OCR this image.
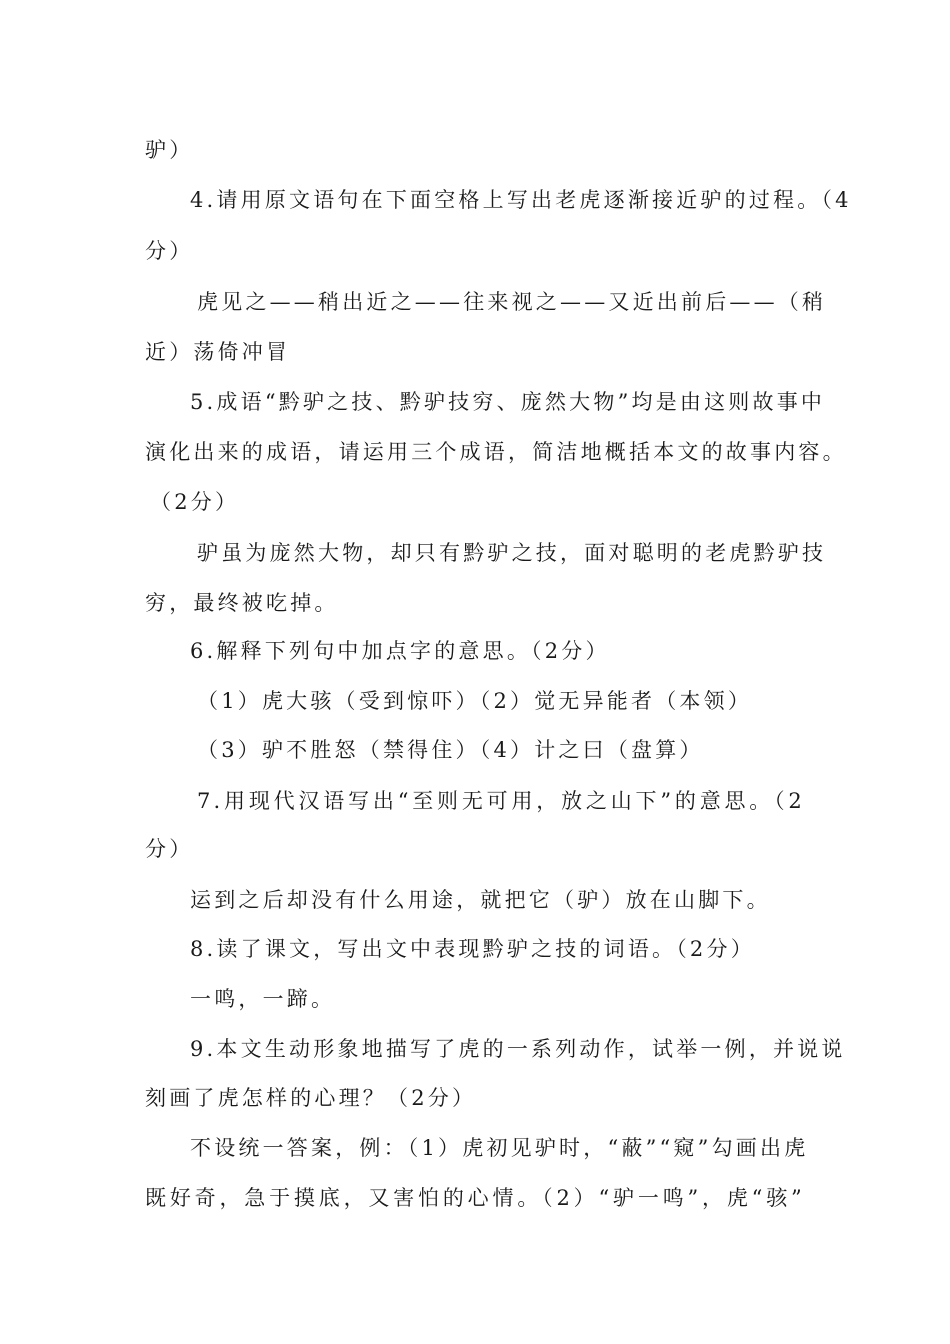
驴）
4.请用原文语句在下面空格上写出老虎逐渐接近驴的过程。（4
分）
虎见之——稍出近之——往来视之——又近出前后——（稍
近）荡倚冲冒
5.成语“黔驴之技、黔驴技穷、庞然大物”均是由这则故事中
演化出来的成语，请运用三个成语，简洁地概括本文的故事内容。
（2分）
驴虽为庞然大物，却只有黔驴之技，面对聪明的老虎黔驴技
穷，最终被吃掉。
6.解释下列句中加点字的意思。（2分）
（1）虎大骇（受到惊吓）（2）觉无异能者（本领）
（3）驴不胜怒（禁得住）（4）计之曰（盘算）
7.用现代汉语写出“至则无可用，放之山下”的意思。（2
分）
运到之后却没有什么用途，就把它（驴）放在山脚下。
8.读了课文，写出文中表现黔驴之技的词语。（2分）
一鸣，一蹄。
9.本文生动形象地描写了虎的一系列动作，试举一例，并说说
刻画了虎怎样的心理？（2分）
不设统一答案，例：（1）虎初见驴时，“蔽”“窥”勾画出虎
既好奇，急于摸底，又害怕的心情。（2）“驴一鸣”，虎“骇”
